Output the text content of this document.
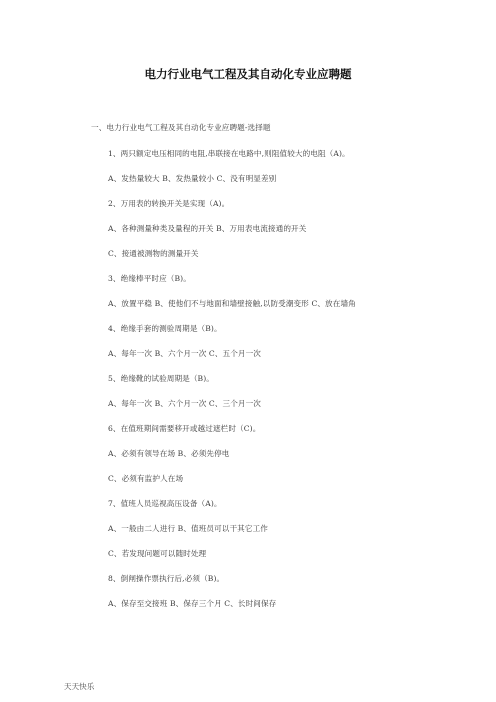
电力行业电气工程及其自动化专业应聘题
一、电力行业电气工程及其自动化专业应聘题-选择题
1、两只额定电压相同的电阻,串联接在电路中,则阻值较大的电阻（A)。
A、发热量较大 B、发热量较小 C、没有明显差别
2、万用表的转换开关是实现（A)。
A、各种测量种类及量程的开关 B、万用表电流接通的开关
C、接通被测物的测量开关
3、绝缘棒平时应（B)。
A、放置平稳 B、使他们不与地面和墙壁接触,以防受潮变形 C、放在墙角
4、绝缘手套的测验周期是（B)。
A、每年一次 B、六个月一次 C、五个月一次
5、绝缘靴的试验周期是（B)。
A、每年一次 B、六个月一次 C、三个月一次
6、在值班期间需要移开或越过遮栏时（C)。
A、必须有领导在场 B、必须先停电
C、必须有监护人在场
7、值班人员巡视高压设备（A)。
A、一般由二人进行 B、值班员可以干其它工作
C、若发现问题可以随时处理
8、倒闸操作票执行后,必须（B)。
A、保存至交接班 B、保存三个月 C、长时间保存
天天快乐
